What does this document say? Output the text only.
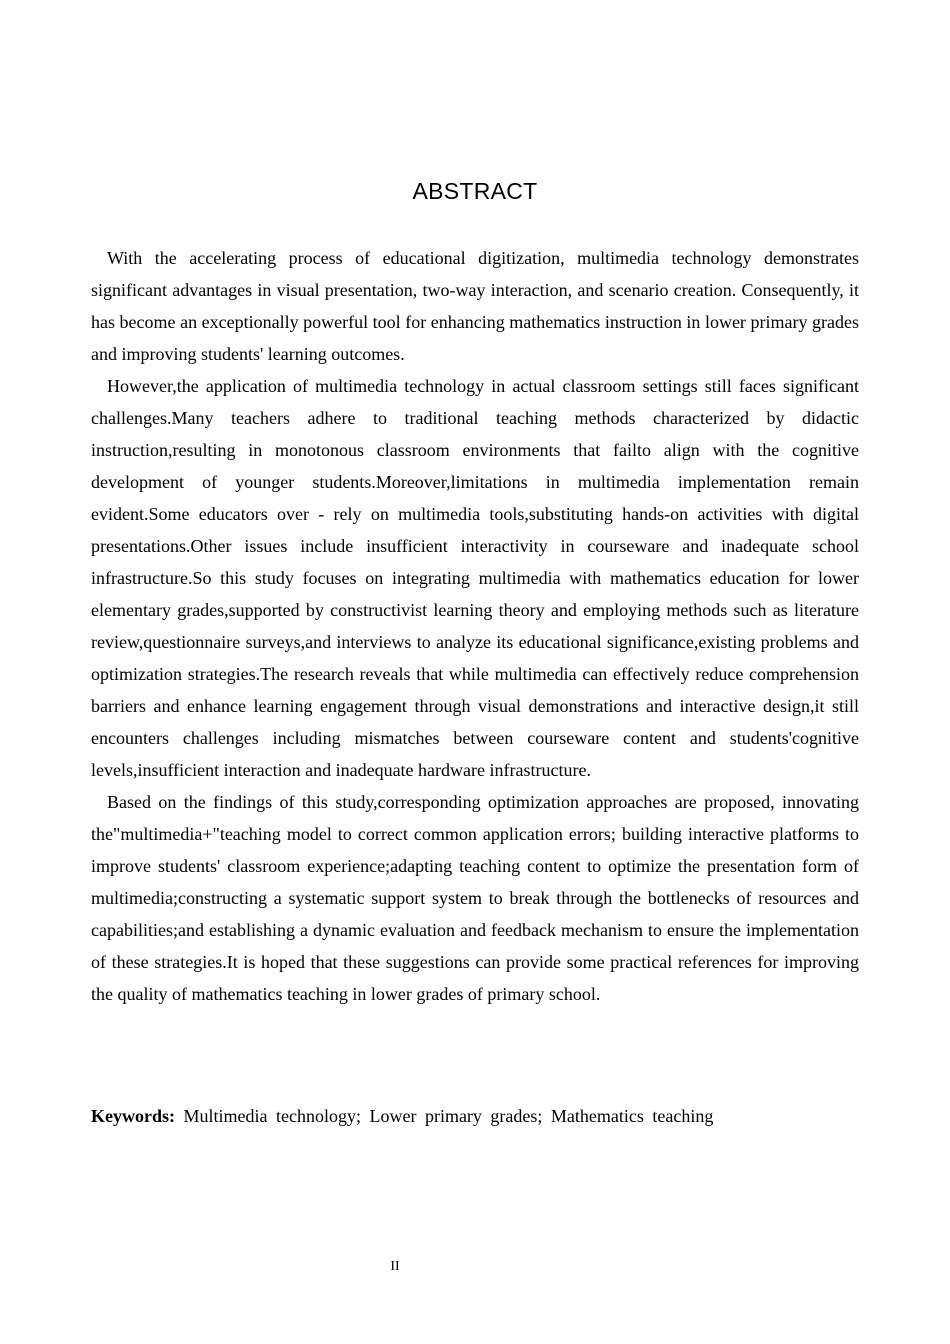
ABSTRACT

With the accelerating process of educational digitization, multimedia technology demonstrates significant advantages in visual presentation, two-way interaction, and scenario creation. Consequently, it has become an exceptionally powerful tool for enhancing mathematics instruction in lower primary grades and improving students' learning outcomes.

However,the application of multimedia technology in actual classroom settings still faces significant challenges.Many teachers adhere to traditional teaching methods characterized by didactic instruction,resulting in monotonous classroom environments that failto align with the cognitive development of younger students.Moreover,limitations in multimedia implementation remain evident.Some educators over - rely on multimedia tools,substituting hands-on activities with digital presentations.Other issues include insufficient interactivity in courseware and inadequate school infrastructure.So this study focuses on integrating multimedia with mathematics education for lower elementary grades,supported by constructivist learning theory and employing methods such as literature review,questionnaire surveys,and interviews to analyze its educational significance,existing problems and optimization strategies.The research reveals that while multimedia can effectively reduce comprehension barriers and enhance learning engagement through visual demonstrations and interactive design,it still encounters challenges including mismatches between courseware content and students'cognitive levels,insufficient interaction and inadequate hardware infrastructure.

Based on the findings of this study,corresponding optimization approaches are proposed, innovating the"multimedia+"teaching model to correct common application errors; building interactive platforms to improve students' classroom experience;adapting teaching content to optimize the presentation form of multimedia;constructing a systematic support system to break through the bottlenecks of resources and capabilities;and establishing a dynamic evaluation and feedback mechanism to ensure the implementation of these strategies.It is hoped that these suggestions can provide some practical references for improving the quality of mathematics teaching in lower grades of primary school.

Keywords: Multimedia technology; Lower primary grades; Mathematics teaching

II
